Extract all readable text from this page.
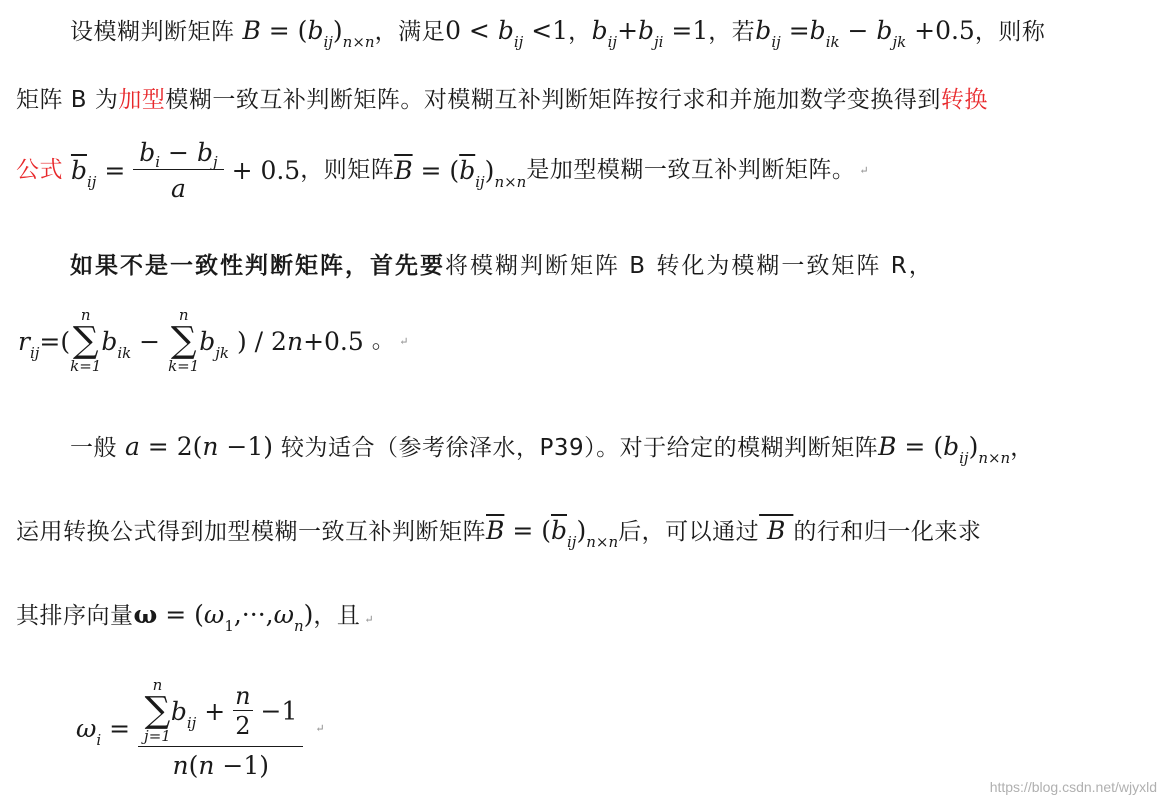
设模糊判断矩阵 $B = (b_{ij})_{n\times n}$，满足$0 < b_{ij} <1$，$b_{ij}+b_{ji} =1$，若$b_{ij} =b_{ik} - b_{jk} +0.5$，则称
矩阵 B 为加型模糊一致互补判断矩阵。对模糊互补判断矩阵按行求和并施加数学变换得到转换
公式 $\overline{b}_{ij} = \frac{b_i - b_j}{a} + 0.5$，则矩阵$\overline{B} = (\overline{b}_{ij})_{n\times n}$是加型模糊一致互补判断矩阵。 ↵
如果不是一致性判断矩阵，首先要将模糊判断矩阵 B 转化为模糊一致矩阵 R，
$r_{ij}=$(
n
∑
k=1
$b_{ik}$ −
n
∑
k=1
$b_{jk}$ ) / 2n+0.5 。 ↵
一般 a = 2(n −1) 较为适合（参考徐泽水，P39）。对于给定的模糊判断矩阵$B = (b_{ij})_{n\times n}$，
运用转换公式得到加型模糊一致互补判断矩阵$\overline{B} = (\overline{b}_{ij})_{n\times n}$后，可以通过 B 的行和归一化来求
其排序向量$\omega = (\omega_1,\cdot\cdot\cdot,\omega_n)$，且 ↵
$\omega_i = n$
∑
j=1
$b_{ij} + \frac{n}{2} -1$
n(n −1) ↵
https://blog.csdn.net/wjyxld
